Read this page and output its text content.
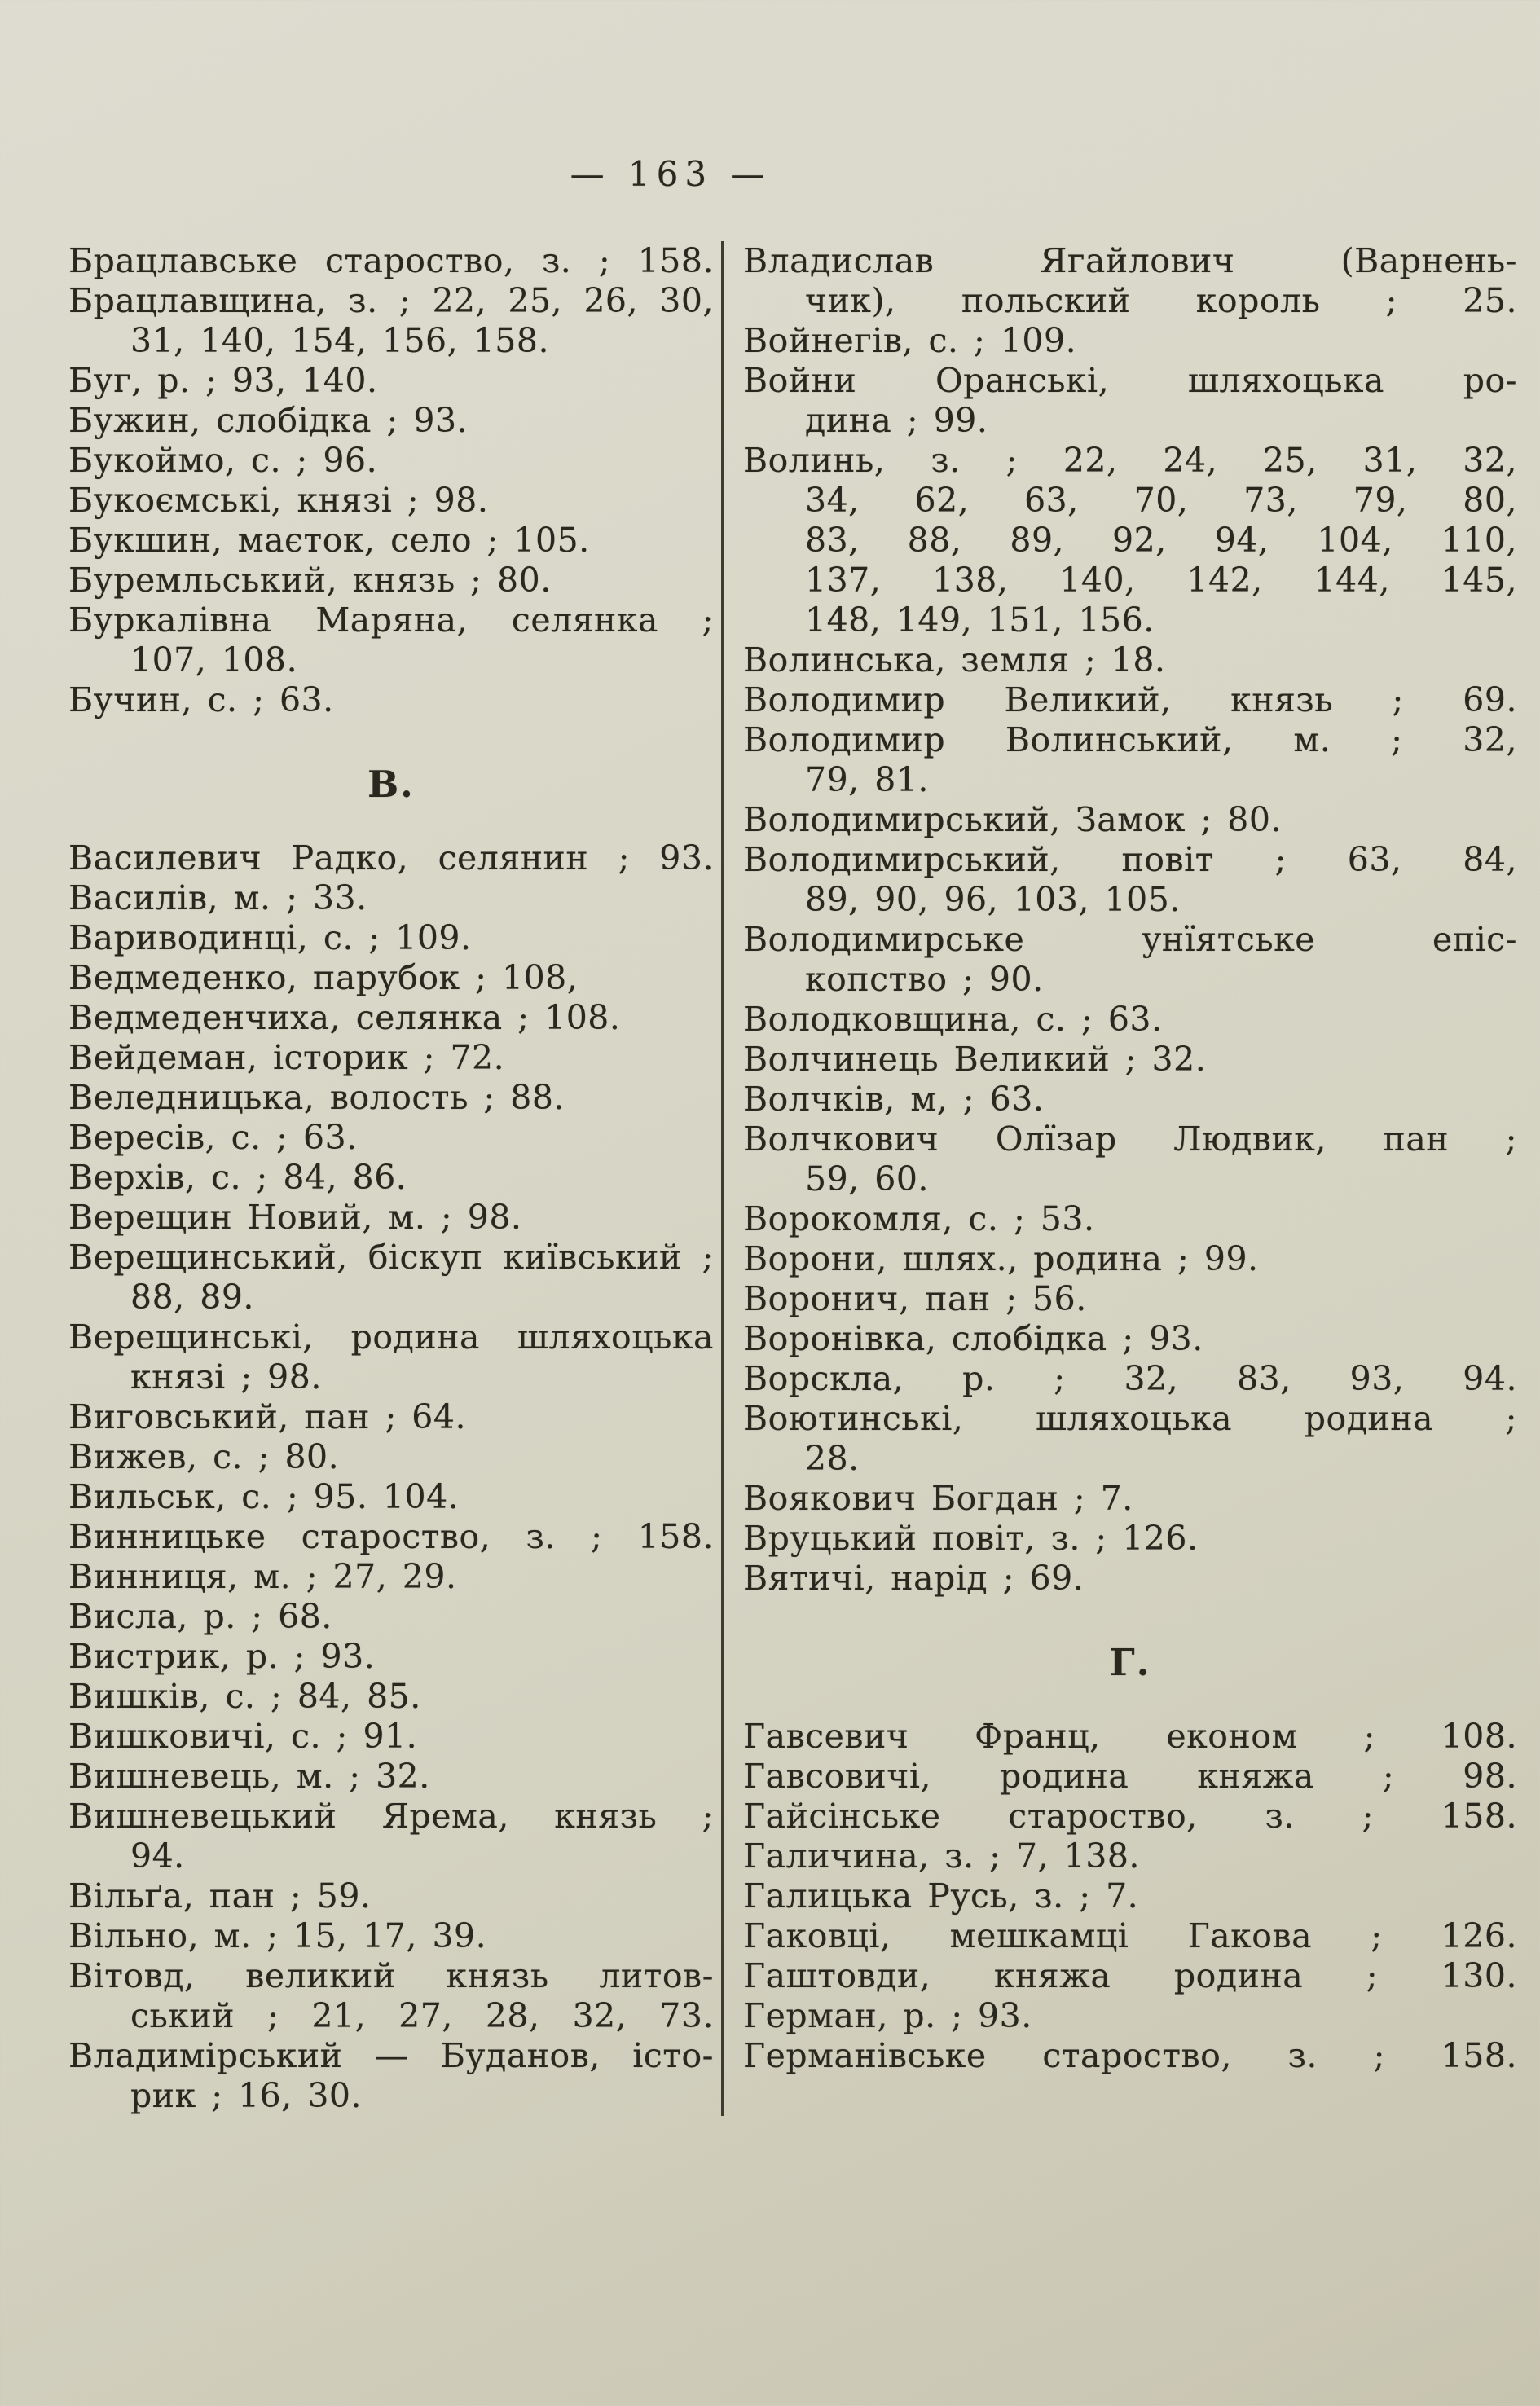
— 163 —
Брацлавське староство, з. ; 158.
Брацлавщина, з. ; 22, 25, 26, 30,
31, 140, 154, 156, 158.
Буг, р. ; 93, 140.
Бужин, слобідка ; 93.
Букоймо, с. ; 96.
Букоємські, князі ; 98.
Букшин, маєток, село ; 105.
Буремльський, князь ; 80.
Буркалівна Маряна, селянка ;
107, 108.
Бучин, с. ; 63.
В.
Василевич Радко, селянин ; 93.
Василів, м. ; 33.
Вариводинці, с. ; 109.
Ведмеденко, парубок ; 108,
Ведмеденчиха, селянка ; 108.
Вейдеман, історик ; 72.
Веледницька, волость ; 88.
Вересів, с. ; 63.
Верхів, с. ; 84, 86.
Верещин Новий, м. ; 98.
Верещинський, біскуп київський ;
88, 89.
Верещинські, родина шляхоцька
князі ; 98.
Виговський, пан ; 64.
Вижев, с. ; 80.
Вильськ, с. ; 95. 104.
Винницьке староство, з. ; 158.
Винниця, м. ; 27, 29.
Висла, р. ; 68.
Вистрик, р. ; 93.
Вишків, с. ; 84, 85.
Вишковичі, с. ; 91.
Вишневець, м. ; 32.
Вишневецький Ярема, князь ;
94.
Вільґа, пан ; 59.
Вільно, м. ; 15, 17, 39.
Вітовд, великий князь литов-
ський ; 21, 27, 28, 32, 73.
Владимірський — Буданов, істо-
рик ; 16, 30.
Владислав Ягайлович (Варнень-
чик), польский король ; 25.
Войнегів, с. ; 109.
Войни Оранські, шляхоцька ро-
дина ; 99.
Волинь, з. ; 22, 24, 25, 31, 32,
34, 62, 63, 70, 73, 79, 80,
83, 88, 89, 92, 94, 104, 110,
137, 138, 140, 142, 144, 145,
148, 149, 151, 156.
Волинська, земля ; 18.
Володимир Великий, князь ; 69.
Володимир Волинський, м. ; 32,
79, 81.
Володимирський, Замок ; 80.
Володимирський, повіт ; 63, 84,
89, 90, 96, 103, 105.
Володимирське унїятське епіс-
копство ; 90.
Володковщина, с. ; 63.
Волчинець Великий ; 32.
Волчків, м, ; 63.
Волчкович Олїзар Людвик, пан ;
59, 60.
Ворокомля, с. ; 53.
Ворони, шлях., родина ; 99.
Воронич, пан ; 56.
Воронівка, слобідка ; 93.
Ворскла, р. ; 32, 83, 93, 94.
Воютинські, шляхоцька родина ;
28.
Воякович Богдан ; 7.
Вруцький повіт, з. ; 126.
Вятичі, нарід ; 69.
Г.
Гавсевич Франц, економ ; 108.
Гавсовичі, родина княжа ; 98.
Гайсінське староство, з. ; 158.
Галичина, з. ; 7, 138.
Галицька Русь, з. ; 7.
Гаковці, мешкамці Гакова ; 126.
Гаштовди, княжа родина ; 130.
Герман, р. ; 93.
Германівське староство, з. ; 158.
